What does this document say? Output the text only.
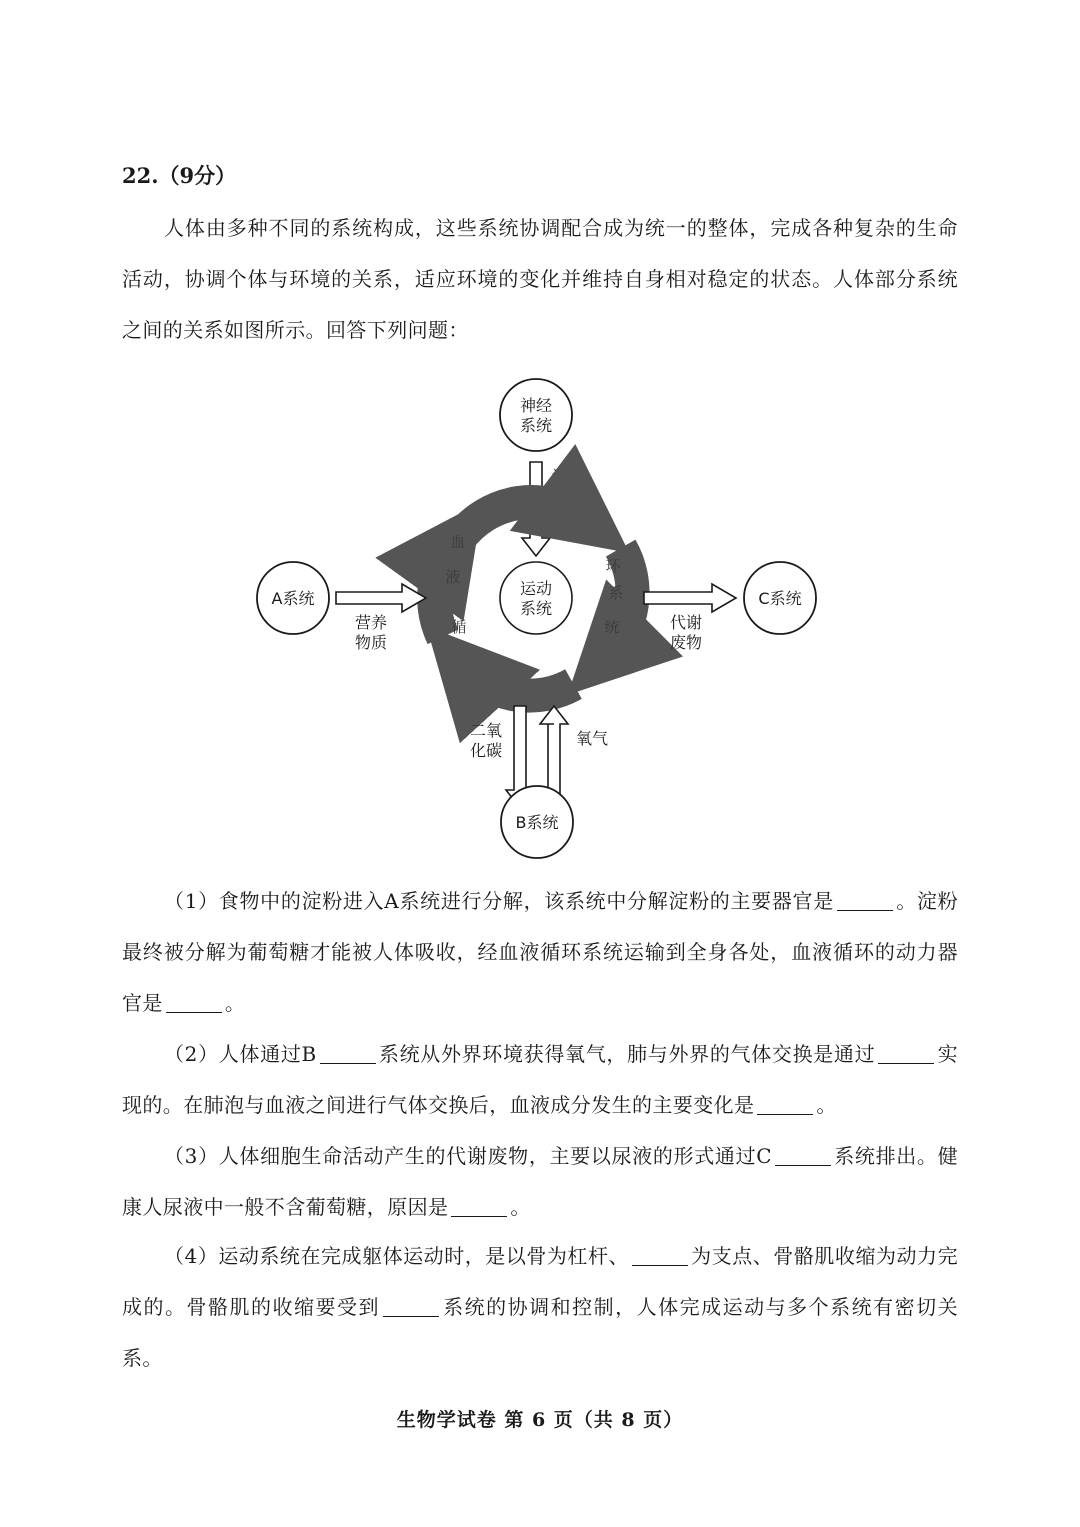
22.（9分）
人体由多种不同的系统构成，这些系统协调配合成为统一的整体，完成各种复杂的生命活动，协调个体与环境的关系，适应环境的变化并维持自身相对稳定的状态。人体部分系统之间的关系如图所示。回答下列问题：
神经
系统
调节
血
液
循
环
系
统
运动
系统
A系统
营养
物质
代谢
废物
C系统
二氧
化碳
氧气
B系统
（1）食物中的淀粉进入A系统进行分解，该系统中分解淀粉的主要器官是	。淀粉最终被分解为葡萄糖才能被人体吸收，经血液循环系统运输到全身各处，血液循环的动力器官是	。
（2）人体通过B	系统从外界环境获得氧气，肺与外界的气体交换是通过	实现的。在肺泡与血液之间进行气体交换后，血液成分发生的主要变化是	。
（3）人体细胞生命活动产生的代谢废物，主要以尿液的形式通过C	系统排出。健康人尿液中一般不含葡萄糖，原因是	。
（4）运动系统在完成躯体运动时，是以骨为杠杆、	为支点、骨骼肌收缩为动力完成的。骨骼肌的收缩要受到	系统的协调和控制，人体完成运动与多个系统有密切关系。
生物学试卷 第 6 页（共 8 页）
